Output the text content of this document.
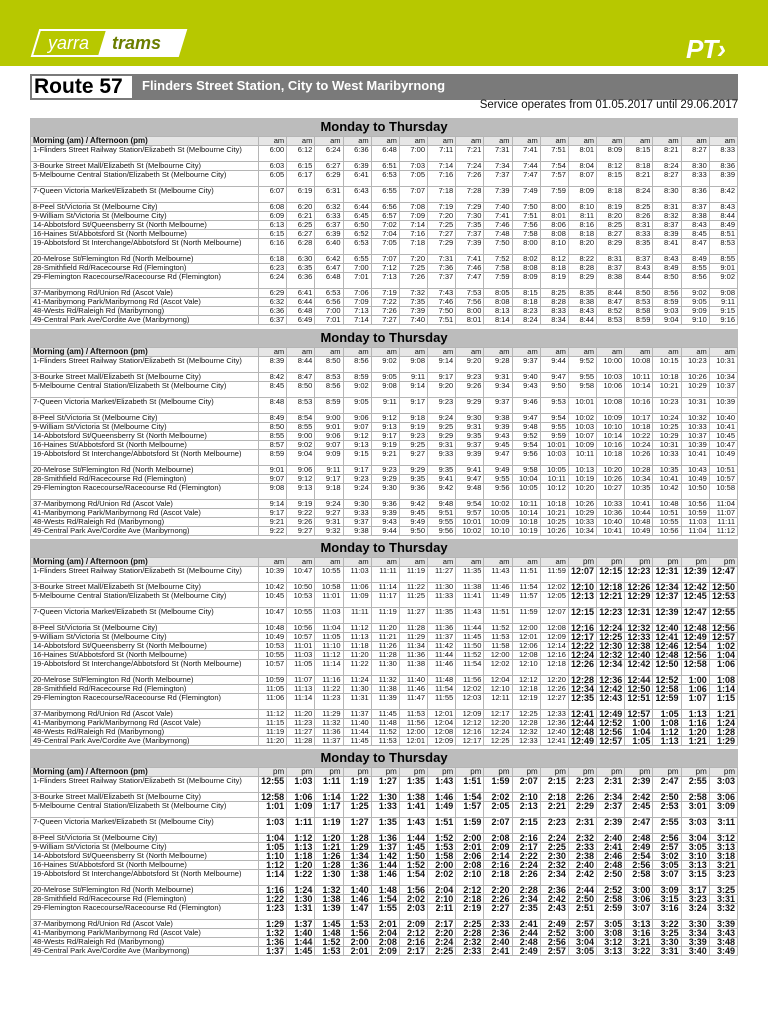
yarra trams	PT›
Route 57	Flinders Street Station, City to West Maribyrnong
Service operates from 01.05.2017 until 29.06.2017
Monday to Thursday
Morning (am) / Afternoon (pm)	am	am	am	am	am	am	am	am	am	am	am	am	am	am	am	am	am
1-Flinders Street Railway Station/Elizabeth St (Melbourne City)	6:00	6:12	6:24	6:36	6:48	7:00	7:11	7:21	7:31	7:41	7:51	8:01	8:09	8:15	8:21	8:27	8:33
3-Bourke Street Mall/Elizabeth St (Melbourne City)	6:03	6:15	6:27	6:39	6:51	7:03	7:14	7:24	7:34	7:44	7:54	8:04	8:12	8:18	8:24	8:30	8:36
5-Melbourne Central Station/Elizabeth St (Melbourne City)	6:05	6:17	6:29	6:41	6:53	7:05	7:16	7:26	7:37	7:47	7:57	8:07	8:15	8:21	8:27	8:33	8:39
7-Queen Victoria Market/Elizabeth St (Melbourne City)	6:07	6:19	6:31	6:43	6:55	7:07	7:18	7:28	7:39	7:49	7:59	8:09	8:18	8:24	8:30	8:36	8:42
8-Peel St/Victoria St (Melbourne City)	6:08	6:20	6:32	6:44	6:56	7:08	7:19	7:29	7:40	7:50	8:00	8:10	8:19	8:25	8:31	8:37	8:43
9-William St/Victoria St (Melbourne City)	6:09	6:21	6:33	6:45	6:57	7:09	7:20	7:30	7:41	7:51	8:01	8:11	8:20	8:26	8:32	8:38	8:44
14-Abbotsford St/Queensberry St (North Melbourne)	6:13	6:25	6:37	6:50	7:02	7:14	7:25	7:35	7:46	7:56	8:06	8:16	8:25	8:31	8:37	8:43	8:49
16-Haines St/Abbotsford St (North Melbourne)	6:15	6:27	6:39	6:52	7:04	7:16	7:27	7:37	7:48	7:58	8:08	8:18	8:27	8:33	8:39	8:45	8:51
19-Abbotsford St Interchange/Abbotsford St (North Melbourne)	6:16	6:28	6:40	6:53	7:05	7:18	7:29	7:39	7:50	8:00	8:10	8:20	8:29	8:35	8:41	8:47	8:53
20-Melrose St/Flemington Rd (North Melbourne)	6:18	6:30	6:42	6:55	7:07	7:20	7:31	7:41	7:52	8:02	8:12	8:22	8:31	8:37	8:43	8:49	8:55
28-Smithfield Rd/Racecourse Rd (Flemington)	6:23	6:35	6:47	7:00	7:12	7:25	7:36	7:46	7:58	8:08	8:18	8:28	8:37	8:43	8:49	8:55	9:01
29-Flemington Racecourse/Racecourse Rd (Flemington)	6:24	6:36	6:48	7:01	7:13	7:26	7:37	7:47	7:59	8:09	8:19	8:29	8:38	8:44	8:50	8:56	9:02
37-Maribyrnong Rd/Union Rd (Ascot Vale)	6:29	6:41	6:53	7:06	7:19	7:32	7:43	7:53	8:05	8:15	8:25	8:35	8:44	8:50	8:56	9:02	9:08
41-Maribyrnong Park/Maribyrnong Rd (Ascot Vale)	6:32	6:44	6:56	7:09	7:22	7:35	7:46	7:56	8:08	8:18	8:28	8:38	8:47	8:53	8:59	9:05	9:11
48-Wests Rd/Raleigh Rd (Maribyrnong)	6:36	6:48	7:00	7:13	7:26	7:39	7:50	8:00	8:13	8:23	8:33	8:43	8:52	8:58	9:03	9:09	9:15
49-Central Park Ave/Cordite Ave (Maribyrnong)	6:37	6:49	7:01	7:14	7:27	7:40	7:51	8:01	8:14	8:24	8:34	8:44	8:53	8:59	9:04	9:10	9:16
Monday to Thursday
Morning (am) / Afternoon (pm)	am	am	am	am	am	am	am	am	am	am	am	am	am	am	am	am	am
1-Flinders Street Railway Station/Elizabeth St (Melbourne City)	8:39	8:44	8:50	8:56	9:02	9:08	9:14	9:20	9:28	9:37	9:44	9:52	10:00	10:08	10:15	10:23	10:31
3-Bourke Street Mall/Elizabeth St (Melbourne City)	8:42	8:47	8:53	8:59	9:05	9:11	9:17	9:23	9:31	9:40	9:47	9:55	10:03	10:11	10:18	10:26	10:34
5-Melbourne Central Station/Elizabeth St (Melbourne City)	8:45	8:50	8:56	9:02	9:08	9:14	9:20	9:26	9:34	9:43	9:50	9:58	10:06	10:14	10:21	10:29	10:37
7-Queen Victoria Market/Elizabeth St (Melbourne City)	8:48	8:53	8:59	9:05	9:11	9:17	9:23	9:29	9:37	9:46	9:53	10:01	10:08	10:16	10:23	10:31	10:39
8-Peel St/Victoria St (Melbourne City)	8:49	8:54	9:00	9:06	9:12	9:18	9:24	9:30	9:38	9:47	9:54	10:02	10:09	10:17	10:24	10:32	10:40
9-William St/Victoria St (Melbourne City)	8:50	8:55	9:01	9:07	9:13	9:19	9:25	9:31	9:39	9:48	9:55	10:03	10:10	10:18	10:25	10:33	10:41
14-Abbotsford St/Queensberry St (North Melbourne)	8:55	9:00	9:06	9:12	9:17	9:23	9:29	9:35	9:43	9:52	9:59	10:07	10:14	10:22	10:29	10:37	10:45
16-Haines St/Abbotsford St (North Melbourne)	8:57	9:02	9:07	9:13	9:19	9:25	9:31	9:37	9:45	9:54	10:01	10:09	10:16	10:24	10:31	10:39	10:47
19-Abbotsford St Interchange/Abbotsford St (North Melbourne)	8:59	9:04	9:09	9:15	9:21	9:27	9:33	9:39	9:47	9:56	10:03	10:11	10:18	10:26	10:33	10:41	10:49
20-Melrose St/Flemington Rd (North Melbourne)	9:01	9:06	9:11	9:17	9:23	9:29	9:35	9:41	9:49	9:58	10:05	10:13	10:20	10:28	10:35	10:43	10:51
28-Smithfield Rd/Racecourse Rd (Flemington)	9:07	9:12	9:17	9:23	9:29	9:35	9:41	9:47	9:55	10:04	10:11	10:19	10:26	10:34	10:41	10:49	10:57
29-Flemington Racecourse/Racecourse Rd (Flemington)	9:08	9:13	9:18	9:24	9:30	9:36	9:42	9:48	9:56	10:05	10:12	10:20	10:27	10:35	10:42	10:50	10:58
37-Maribyrnong Rd/Union Rd (Ascot Vale)	9:14	9:19	9:24	9:30	9:36	9:42	9:48	9:54	10:02	10:11	10:18	10:26	10:33	10:41	10:48	10:56	11:04
41-Maribyrnong Park/Maribyrnong Rd (Ascot Vale)	9:17	9:22	9:27	9:33	9:39	9:45	9:51	9:57	10:05	10:14	10:21	10:29	10:36	10:44	10:51	10:59	11:07
48-Wests Rd/Raleigh Rd (Maribyrnong)	9:21	9:26	9:31	9:37	9:43	9:49	9:55	10:01	10:09	10:18	10:25	10:33	10:40	10:48	10:55	11:03	11:11
49-Central Park Ave/Cordite Ave (Maribyrnong)	9:22	9:27	9:32	9:38	9:44	9:50	9:56	10:02	10:10	10:19	10:26	10:34	10:41	10:49	10:56	11:04	11:12
Monday to Thursday
Morning (am) / Afternoon (pm)	am	am	am	am	am	am	am	am	am	am	am	pm	pm	pm	pm	pm	pm
1-Flinders Street Railway Station/Elizabeth St (Melbourne City)	10:39	10:47	10:55	11:03	11:11	11:19	11:27	11:35	11:43	11:51	11:59	12:07	12:15	12:23	12:31	12:39	12:47
3-Bourke Street Mall/Elizabeth St (Melbourne City)	10:42	10:50	10:58	11:06	11:14	11:22	11:30	11:38	11:46	11:54	12:02	12:10	12:18	12:26	12:34	12:42	12:50
5-Melbourne Central Station/Elizabeth St (Melbourne City)	10:45	10:53	11:01	11:09	11:17	11:25	11:33	11:41	11:49	11:57	12:05	12:13	12:21	12:29	12:37	12:45	12:53
7-Queen Victoria Market/Elizabeth St (Melbourne City)	10:47	10:55	11:03	11:11	11:19	11:27	11:35	11:43	11:51	11:59	12:07	12:15	12:23	12:31	12:39	12:47	12:55
8-Peel St/Victoria St (Melbourne City)	10:48	10:56	11:04	11:12	11:20	11:28	11:36	11:44	11:52	12:00	12:08	12:16	12:24	12:32	12:40	12:48	12:56
9-William St/Victoria St (Melbourne City)	10:49	10:57	11:05	11:13	11:21	11:29	11:37	11:45	11:53	12:01	12:09	12:17	12:25	12:33	12:41	12:49	12:57
14-Abbotsford St/Queensberry St (North Melbourne)	10:53	11:01	11:10	11:18	11:26	11:34	11:42	11:50	11:58	12:06	12:14	12:22	12:30	12:38	12:46	12:54	1:02
16-Haines St/Abbotsford St (North Melbourne)	10:55	11:03	11:12	11:20	11:28	11:36	11:44	11:52	12:00	12:08	12:16	12:24	12:32	12:40	12:48	12:56	1:04
19-Abbotsford St Interchange/Abbotsford St (North Melbourne)	10:57	11:05	11:14	11:22	11:30	11:38	11:46	11:54	12:02	12:10	12:18	12:26	12:34	12:42	12:50	12:58	1:06
20-Melrose St/Flemington Rd (North Melbourne)	10:59	11:07	11:16	11:24	11:32	11:40	11:48	11:56	12:04	12:12	12:20	12:28	12:36	12:44	12:52	1:00	1:08
28-Smithfield Rd/Racecourse Rd (Flemington)	11:05	11:13	11:22	11:30	11:38	11:46	11:54	12:02	12:10	12:18	12:26	12:34	12:42	12:50	12:58	1:06	1:14
29-Flemington Racecourse/Racecourse Rd (Flemington)	11:06	11:14	11:23	11:31	11:39	11:47	11:55	12:03	12:11	12:19	12:27	12:35	12:43	12:51	12:59	1:07	1:15
37-Maribyrnong Rd/Union Rd (Ascot Vale)	11:12	11:20	11:29	11:37	11:45	11:53	12:01	12:09	12:17	12:25	12:33	12:41	12:49	12:57	1:05	1:13	1:21
41-Maribyrnong Park/Maribyrnong Rd (Ascot Vale)	11:15	11:23	11:32	11:40	11:48	11:56	12:04	12:12	12:20	12:28	12:36	12:44	12:52	1:00	1:08	1:16	1:24
48-Wests Rd/Raleigh Rd (Maribyrnong)	11:19	11:27	11:36	11:44	11:52	12:00	12:08	12:16	12:24	12:32	12:40	12:48	12:56	1:04	1:12	1:20	1:28
49-Central Park Ave/Cordite Ave (Maribyrnong)	11:20	11:28	11:37	11:45	11:53	12:01	12:09	12:17	12:25	12:33	12:41	12:49	12:57	1:05	1:13	1:21	1:29
Monday to Thursday
Morning (am) / Afternoon (pm)	pm	pm	pm	pm	pm	pm	pm	pm	pm	pm	pm	pm	pm	pm	pm	pm	pm
1-Flinders Street Railway Station/Elizabeth St (Melbourne City)	12:55	1:03	1:11	1:19	1:27	1:35	1:43	1:51	1:59	2:07	2:15	2:23	2:31	2:39	2:47	2:55	3:03
3-Bourke Street Mall/Elizabeth St (Melbourne City)	12:58	1:06	1:14	1:22	1:30	1:38	1:46	1:54	2:02	2:10	2:18	2:26	2:34	2:42	2:50	2:58	3:06
5-Melbourne Central Station/Elizabeth St (Melbourne City)	1:01	1:09	1:17	1:25	1:33	1:41	1:49	1:57	2:05	2:13	2:21	2:29	2:37	2:45	2:53	3:01	3:09
7-Queen Victoria Market/Elizabeth St (Melbourne City)	1:03	1:11	1:19	1:27	1:35	1:43	1:51	1:59	2:07	2:15	2:23	2:31	2:39	2:47	2:55	3:03	3:11
8-Peel St/Victoria St (Melbourne City)	1:04	1:12	1:20	1:28	1:36	1:44	1:52	2:00	2:08	2:16	2:24	2:32	2:40	2:48	2:56	3:04	3:12
9-William St/Victoria St (Melbourne City)	1:05	1:13	1:21	1:29	1:37	1:45	1:53	2:01	2:09	2:17	2:25	2:33	2:41	2:49	2:57	3:05	3:13
14-Abbotsford St/Queensberry St (North Melbourne)	1:10	1:18	1:26	1:34	1:42	1:50	1:58	2:06	2:14	2:22	2:30	2:38	2:46	2:54	3:02	3:10	3:18
16-Haines St/Abbotsford St (North Melbourne)	1:12	1:20	1:28	1:36	1:44	1:52	2:00	2:08	2:16	2:24	2:32	2:40	2:48	2:56	3:05	3:13	3:21
19-Abbotsford St Interchange/Abbotsford St (North Melbourne)	1:14	1:22	1:30	1:38	1:46	1:54	2:02	2:10	2:18	2:26	2:34	2:42	2:50	2:58	3:07	3:15	3:23
20-Melrose St/Flemington Rd (North Melbourne)	1:16	1:24	1:32	1:40	1:48	1:56	2:04	2:12	2:20	2:28	2:36	2:44	2:52	3:00	3:09	3:17	3:25
28-Smithfield Rd/Racecourse Rd (Flemington)	1:22	1:30	1:38	1:46	1:54	2:02	2:10	2:18	2:26	2:34	2:42	2:50	2:58	3:06	3:15	3:23	3:31
29-Flemington Racecourse/Racecourse Rd (Flemington)	1:23	1:31	1:39	1:47	1:55	2:03	2:11	2:19	2:27	2:35	2:43	2:51	2:59	3:07	3:16	3:24	3:32
37-Maribyrnong Rd/Union Rd (Ascot Vale)	1:29	1:37	1:45	1:53	2:01	2:09	2:17	2:25	2:33	2:41	2:49	2:57	3:05	3:13	3:22	3:30	3:39
41-Maribyrnong Park/Maribyrnong Rd (Ascot Vale)	1:32	1:40	1:48	1:56	2:04	2:12	2:20	2:28	2:36	2:44	2:52	3:00	3:08	3:16	3:25	3:34	3:43
48-Wests Rd/Raleigh Rd (Maribyrnong)	1:36	1:44	1:52	2:00	2:08	2:16	2:24	2:32	2:40	2:48	2:56	3:04	3:12	3:21	3:30	3:39	3:48
49-Central Park Ave/Cordite Ave (Maribyrnong)	1:37	1:45	1:53	2:01	2:09	2:17	2:25	2:33	2:41	2:49	2:57	3:05	3:13	3:22	3:31	3:40	3:49
